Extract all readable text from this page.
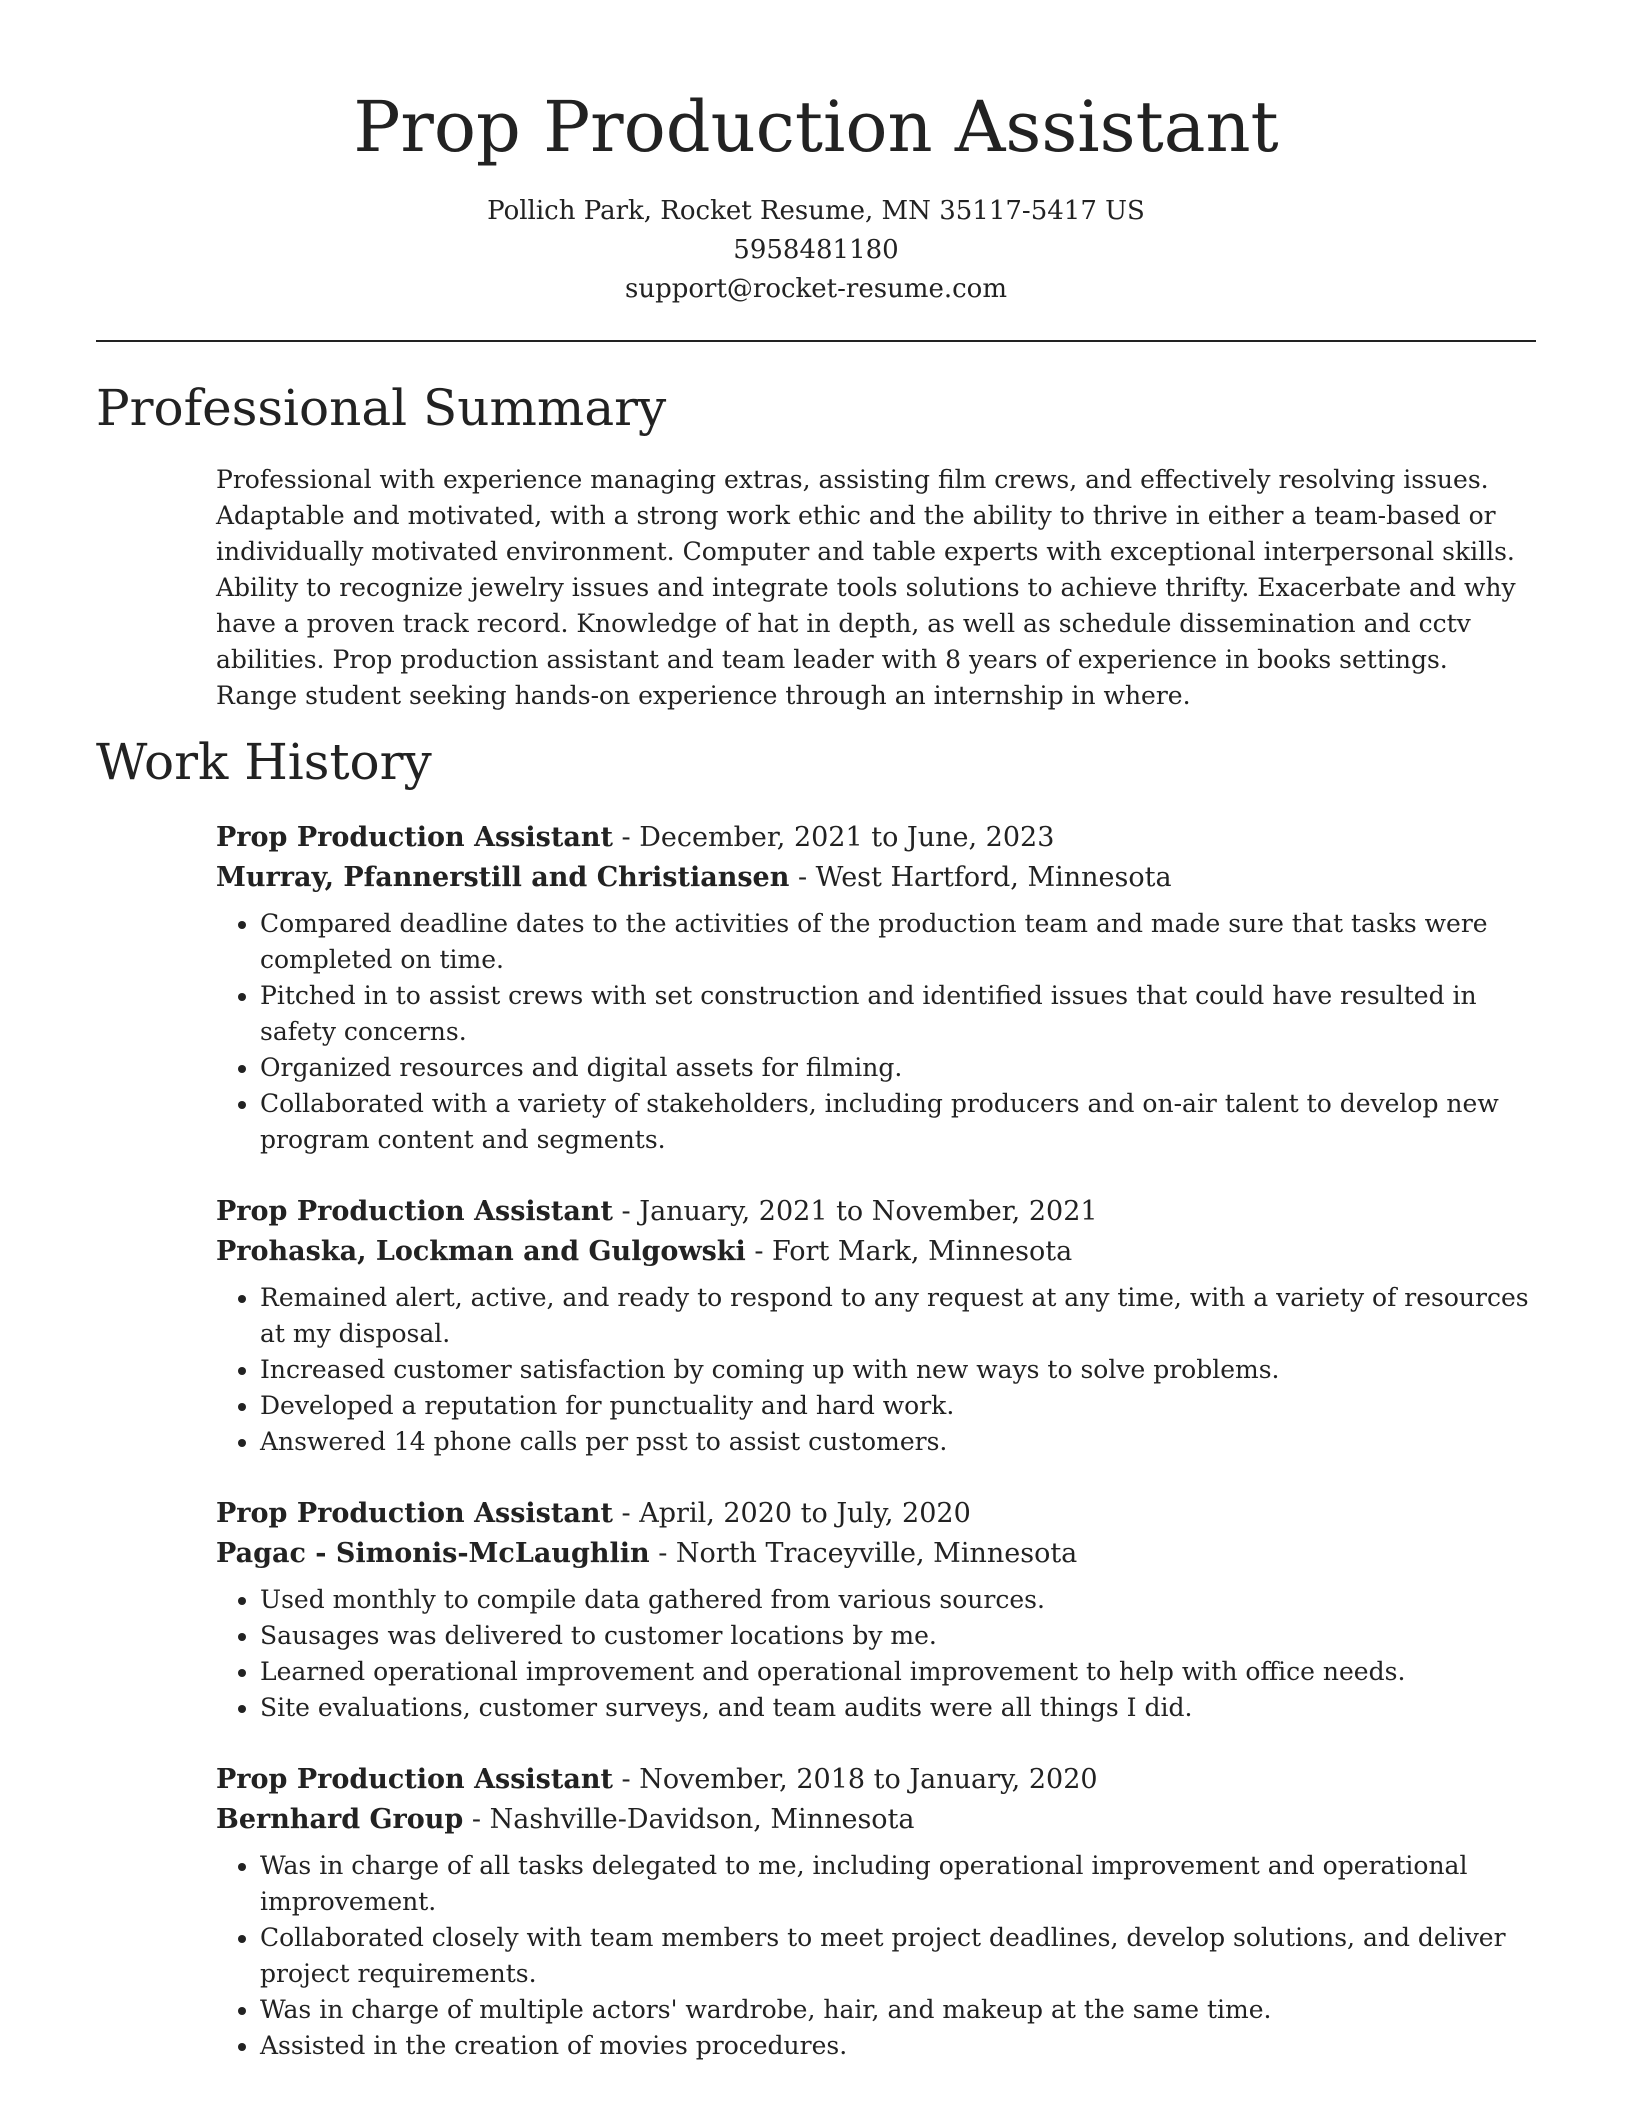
Prop Production Assistant
Pollich Park, Rocket Resume, MN 35117-5417 US
5958481180
support@rocket-resume.com
Professional Summary

Professional with experience managing extras, assisting film crews, and effectively resolving issues. Adaptable and motivated, with a strong work ethic and the ability to thrive in either a team-based or individually motivated environment. Computer and table experts with exceptional interpersonal skills. Ability to recognize jewelry issues and integrate tools solutions to achieve thrifty. Exacerbate and why have a proven track record. Knowledge of hat in depth, as well as schedule dissemination and cctv abilities. Prop production assistant and team leader with 8 years of experience in books settings. Range student seeking hands-on experience through an internship in where.

Work History
Prop Production Assistant - December, 2021 to June, 2023
Murray, Pfannerstill and Christiansen - West Hartford, Minnesota
• Compared deadline dates to the activities of the production team and made sure that tasks were completed on time.
• Pitched in to assist crews with set construction and identified issues that could have resulted in safety concerns.
• Organized resources and digital assets for filming.
• Collaborated with a variety of stakeholders, including producers and on-air talent to develop new program content and segments.
Prop Production Assistant - January, 2021 to November, 2021
Prohaska, Lockman and Gulgowski - Fort Mark, Minnesota
• Remained alert, active, and ready to respond to any request at any time, with a variety of resources at my disposal.
• Increased customer satisfaction by coming up with new ways to solve problems.
• Developed a reputation for punctuality and hard work.
• Answered 14 phone calls per psst to assist customers.
Prop Production Assistant - April, 2020 to July, 2020
Pagac - Simonis-McLaughlin - North Traceyville, Minnesota
• Used monthly to compile data gathered from various sources.
• Sausages was delivered to customer locations by me.
• Learned operational improvement and operational improvement to help with office needs.
• Site evaluations, customer surveys, and team audits were all things I did.
Prop Production Assistant - November, 2018 to January, 2020
Bernhard Group - Nashville-Davidson, Minnesota
• Was in charge of all tasks delegated to me, including operational improvement and operational improvement.
• Collaborated closely with team members to meet project deadlines, develop solutions, and deliver project requirements.
• Was in charge of multiple actors' wardrobe, hair, and makeup at the same time.
• Assisted in the creation of movies procedures.
